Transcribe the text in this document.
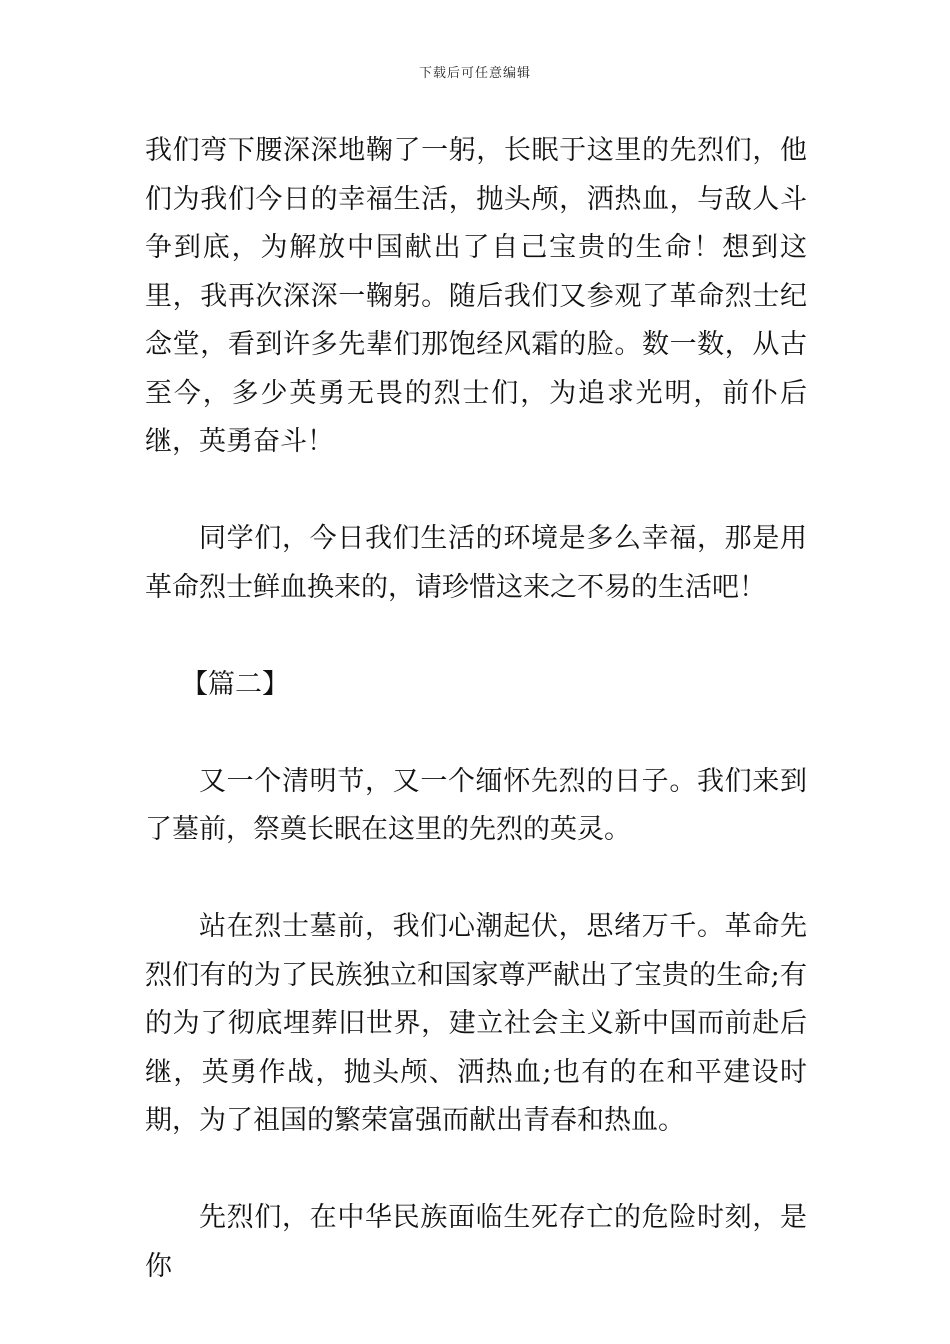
下载后可任意编辑

我们弯下腰深深地鞠了一躬，长眠于这里的先烈们，他们为我们今日的幸福生活，抛头颅，洒热血，与敌人斗争到底，为解放中国献出了自己宝贵的生命！想到这里，我再次深深一鞠躬。随后我们又参观了革命烈士纪念堂，看到许多先辈们那饱经风霜的脸。数一数，从古至今，多少英勇无畏的烈士们，为追求光明，前仆后继，英勇奋斗！

同学们，今日我们生活的环境是多么幸福，那是用革命烈士鲜血换来的，请珍惜这来之不易的生活吧！

【篇二】

又一个清明节，又一个缅怀先烈的日子。我们来到了墓前，祭奠长眠在这里的先烈的英灵。

站在烈士墓前，我们心潮起伏，思绪万千。革命先烈们有的为了民族独立和国家尊严献出了宝贵的生命;有的为了彻底埋葬旧世界，建立社会主义新中国而前赴后继，英勇作战，抛头颅、洒热血;也有的在和平建设时期，为了祖国的繁荣富强而献出青春和热血。

先烈们，在中华民族面临生死存亡的危险时刻，是你
